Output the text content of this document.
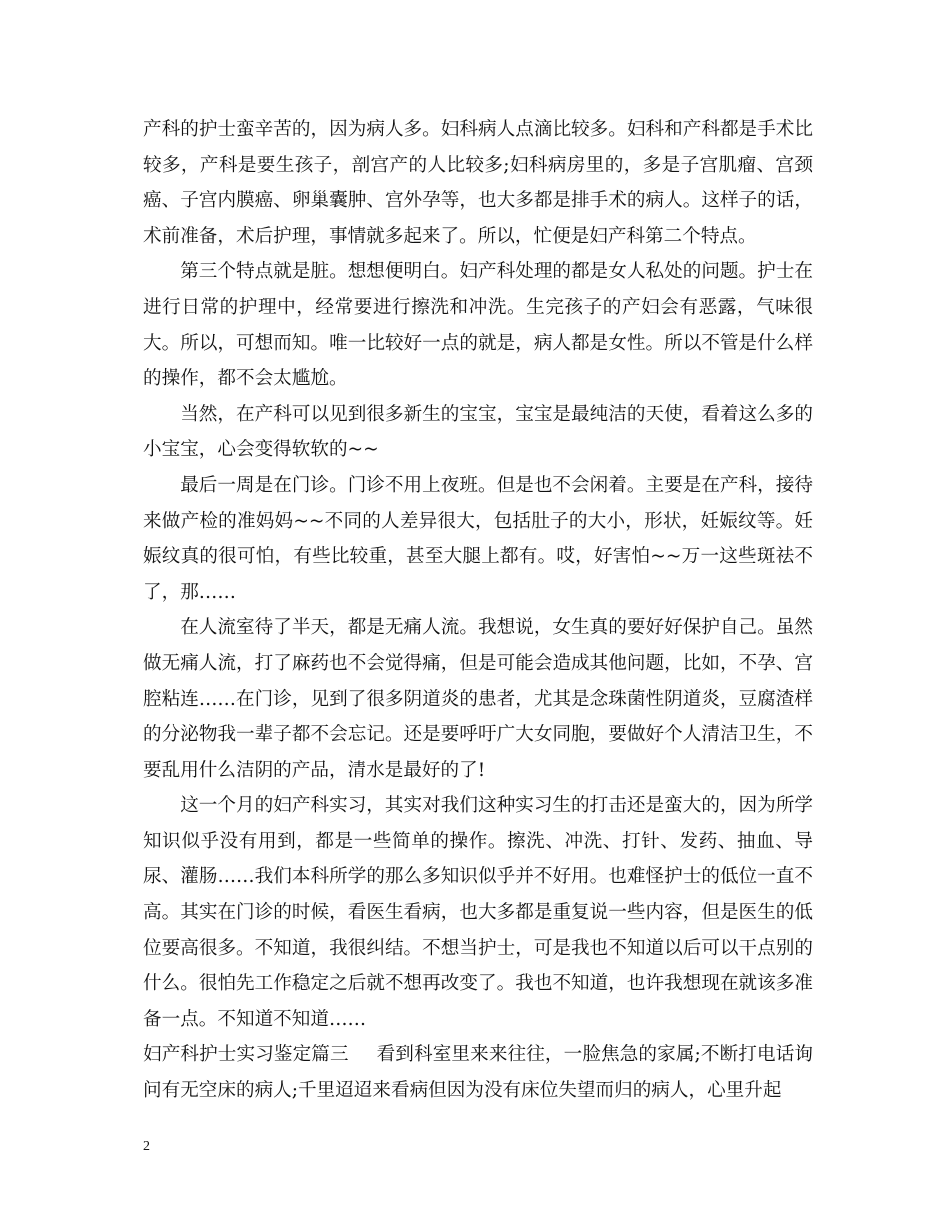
产科的护士蛮辛苦的，因为病人多。妇科病人点滴比较多。妇科和产科都是手术比较多，产科是要生孩子，剖宫产的人比较多;妇科病房里的，多是子宫肌瘤、宫颈癌、子宫内膜癌、卵巢囊肿、宫外孕等，也大多都是排手术的病人。这样子的话，术前准备，术后护理，事情就多起来了。所以，忙便是妇产科第二个特点。

第三个特点就是脏。想想便明白。妇产科处理的都是女人私处的问题。护士在进行日常的护理中，经常要进行擦洗和冲洗。生完孩子的产妇会有恶露，气味很大。所以，可想而知。唯一比较好一点的就是，病人都是女性。所以不管是什么样的操作，都不会太尴尬。

当然，在产科可以见到很多新生的宝宝，宝宝是最纯洁的天使，看着这么多的小宝宝，心会变得软软的~~

最后一周是在门诊。门诊不用上夜班。但是也不会闲着。主要是在产科，接待来做产检的准妈妈~~不同的人差异很大，包括肚子的大小，形状，妊娠纹等。妊娠纹真的很可怕，有些比较重，甚至大腿上都有。哎，好害怕~~万一这些斑祛不了，那……

在人流室待了半天，都是无痛人流。我想说，女生真的要好好保护自己。虽然做无痛人流，打了麻药也不会觉得痛，但是可能会造成其他问题，比如，不孕、宫腔粘连……在门诊，见到了很多阴道炎的患者，尤其是念珠菌性阴道炎，豆腐渣样的分泌物我一辈子都不会忘记。还是要呼吁广大女同胞，要做好个人清洁卫生，不要乱用什么洁阴的产品，清水是最好的了!

这一个月的妇产科实习，其实对我们这种实习生的打击还是蛮大的，因为所学知识似乎没有用到，都是一些简单的操作。擦洗、冲洗、打针、发药、抽血、导尿、灌肠……我们本科所学的那么多知识似乎并不好用。也难怪护士的低位一直不高。其实在门诊的时候，看医生看病，也大多都是重复说一些内容，但是医生的低位要高很多。不知道，我很纠结。不想当护士，可是我也不知道以后可以干点别的什么。很怕先工作稳定之后就不想再改变了。我也不知道，也许我想现在就该多准备一点。不知道不知道……

妇产科护士实习鉴定篇三 看到科室里来来往往，一脸焦急的家属;不断打电话询问有无空床的病人;千里迢迢来看病但因为没有床位失望而归的病人，心里升起

2
